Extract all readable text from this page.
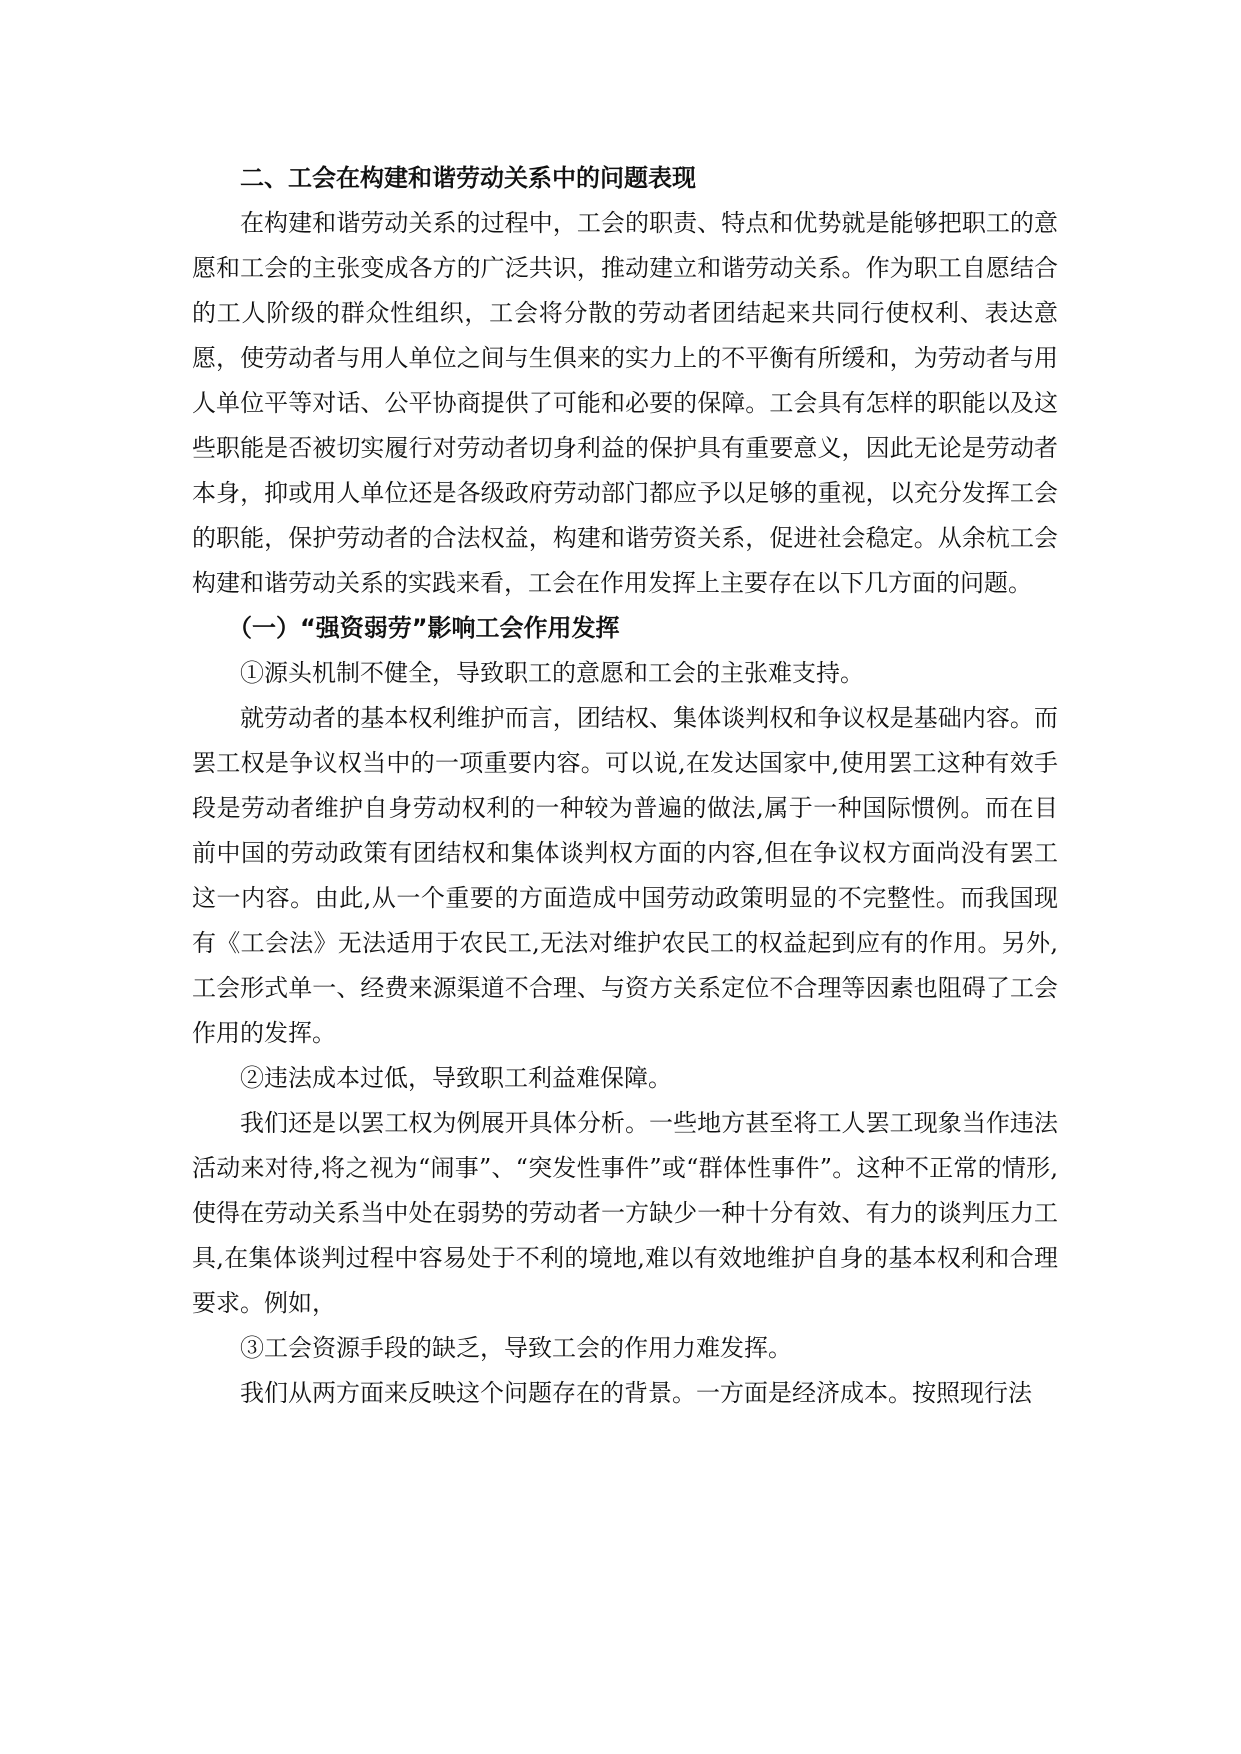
二、工会在构建和谐劳动关系中的问题表现

在构建和谐劳动关系的过程中，工会的职责、特点和优势就是能够把职工的意愿和工会的主张变成各方的广泛共识，推动建立和谐劳动关系。作为职工自愿结合的工人阶级的群众性组织，工会将分散的劳动者团结起来共同行使权利、表达意愿，使劳动者与用人单位之间与生俱来的实力上的不平衡有所缓和，为劳动者与用人单位平等对话、公平协商提供了可能和必要的保障。工会具有怎样的职能以及这些职能是否被切实履行对劳动者切身利益的保护具有重要意义，因此无论是劳动者本身，抑或用人单位还是各级政府劳动部门都应予以足够的重视，以充分发挥工会的职能，保护劳动者的合法权益，构建和谐劳资关系，促进社会稳定。从余杭工会构建和谐劳动关系的实践来看，工会在作用发挥上主要存在以下几方面的问题。

（一）“强资弱劳”影响工会作用发挥

①源头机制不健全，导致职工的意愿和工会的主张难支持。

就劳动者的基本权利维护而言，团结权、集体谈判权和争议权是基础内容。而罢工权是争议权当中的一项重要内容。可以说,在发达国家中,使用罢工这种有效手段是劳动者维护自身劳动权利的一种较为普遍的做法,属于一种国际惯例。而在目前中国的劳动政策有团结权和集体谈判权方面的内容,但在争议权方面尚没有罢工这一内容。由此,从一个重要的方面造成中国劳动政策明显的不完整性。而我国现有《工会法》无法适用于农民工,无法对维护农民工的权益起到应有的作用。另外,工会形式单一、经费来源渠道不合理、与资方关系定位不合理等因素也阻碍了工会作用的发挥。

②违法成本过低，导致职工利益难保障。

我们还是以罢工权为例展开具体分析。一些地方甚至将工人罢工现象当作违法活动来对待,将之视为“闹事”、“突发性事件”或“群体性事件”。这种不正常的情形,使得在劳动关系当中处在弱势的劳动者一方缺少一种十分有效、有力的谈判压力工具,在集体谈判过程中容易处于不利的境地,难以有效地维护自身的基本权利和合理要求。例如，

③工会资源手段的缺乏，导致工会的作用力难发挥。

我们从两方面来反映这个问题存在的背景。一方面是经济成本。按照现行法
